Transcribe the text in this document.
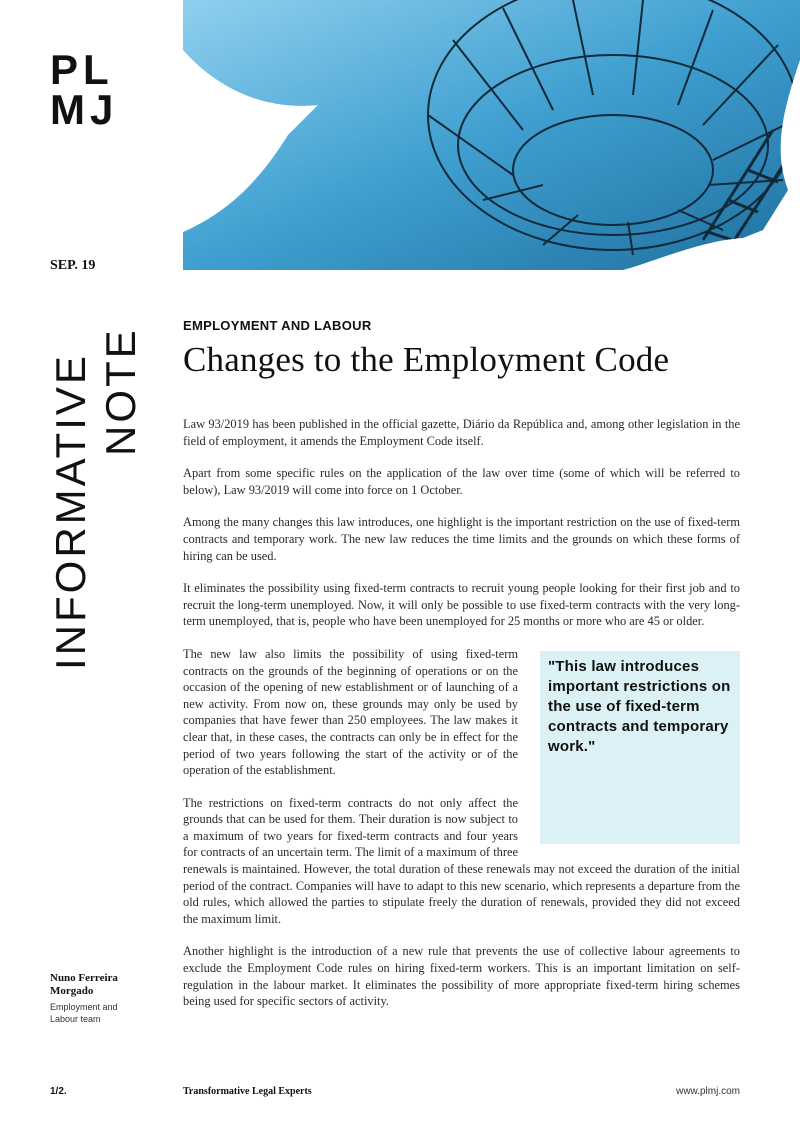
PL
MJ
SEP. 19
INFORMATIVE NOTE
EMPLOYMENT AND LABOUR
Changes to the Employment Code

Law 93/2019 has been published in the official gazette, Diário da República and, among other legislation in the field of employment, it amends the Employment Code itself.

Apart from some specific rules on the application of the law over time (some of which will be referred to below), Law 93/2019 will come into force on 1 October.

Among the many changes this law introduces, one highlight is the important restriction on the use of fixed-term contracts and temporary work. The new law reduces the time limits and the grounds on which these forms of hiring can be used.

It eliminates the possibility using fixed-term contracts to recruit young people looking for their first job and to recruit the long-term unemployed. Now, it will only be possible to use fixed-term contracts with the very long-term unemployed, that is, people who have been unemployed for 25 months or more who are 45 or older.

"This law introduces important restrictions on the use of fixed-term contracts and temporary work."

The new law also limits the possibility of using fixed-term contracts on the grounds of the beginning of operations or on the occasion of the opening of new establishment or of launching of a new activity. From now on, these grounds may only be used by companies that have fewer than 250 employees. The law makes it clear that, in these cases, the contracts can only be in effect for the period of two years following the start of the activity or of the operation of the establishment.

The restrictions on fixed-term contracts do not only affect the grounds that can be used for them. Their duration is now subject to a maximum of two years for fixed-term contracts and four years for contracts of an uncertain term. The limit of a maximum of three renewals is maintained. However, the total duration of these renewals may not exceed the duration of the initial period of the contract. Companies will have to adapt to this new scenario, which represents a departure from the old rules, which allowed the parties to stipulate freely the duration of renewals, provided they did not exceed the maximum limit.

Another highlight is the introduction of a new rule that prevents the use of collective labour agreements to exclude the Employment Code rules on hiring fixed-term workers. This is an important limitation on self-regulation in the labour market. It eliminates the possibility of more appropriate fixed-term hiring schemes being used for specific sectors of activity.

Nuno Ferreira Morgado
Employment and Labour team
1/2.	Transformative Legal Experts	www.plmj.com
